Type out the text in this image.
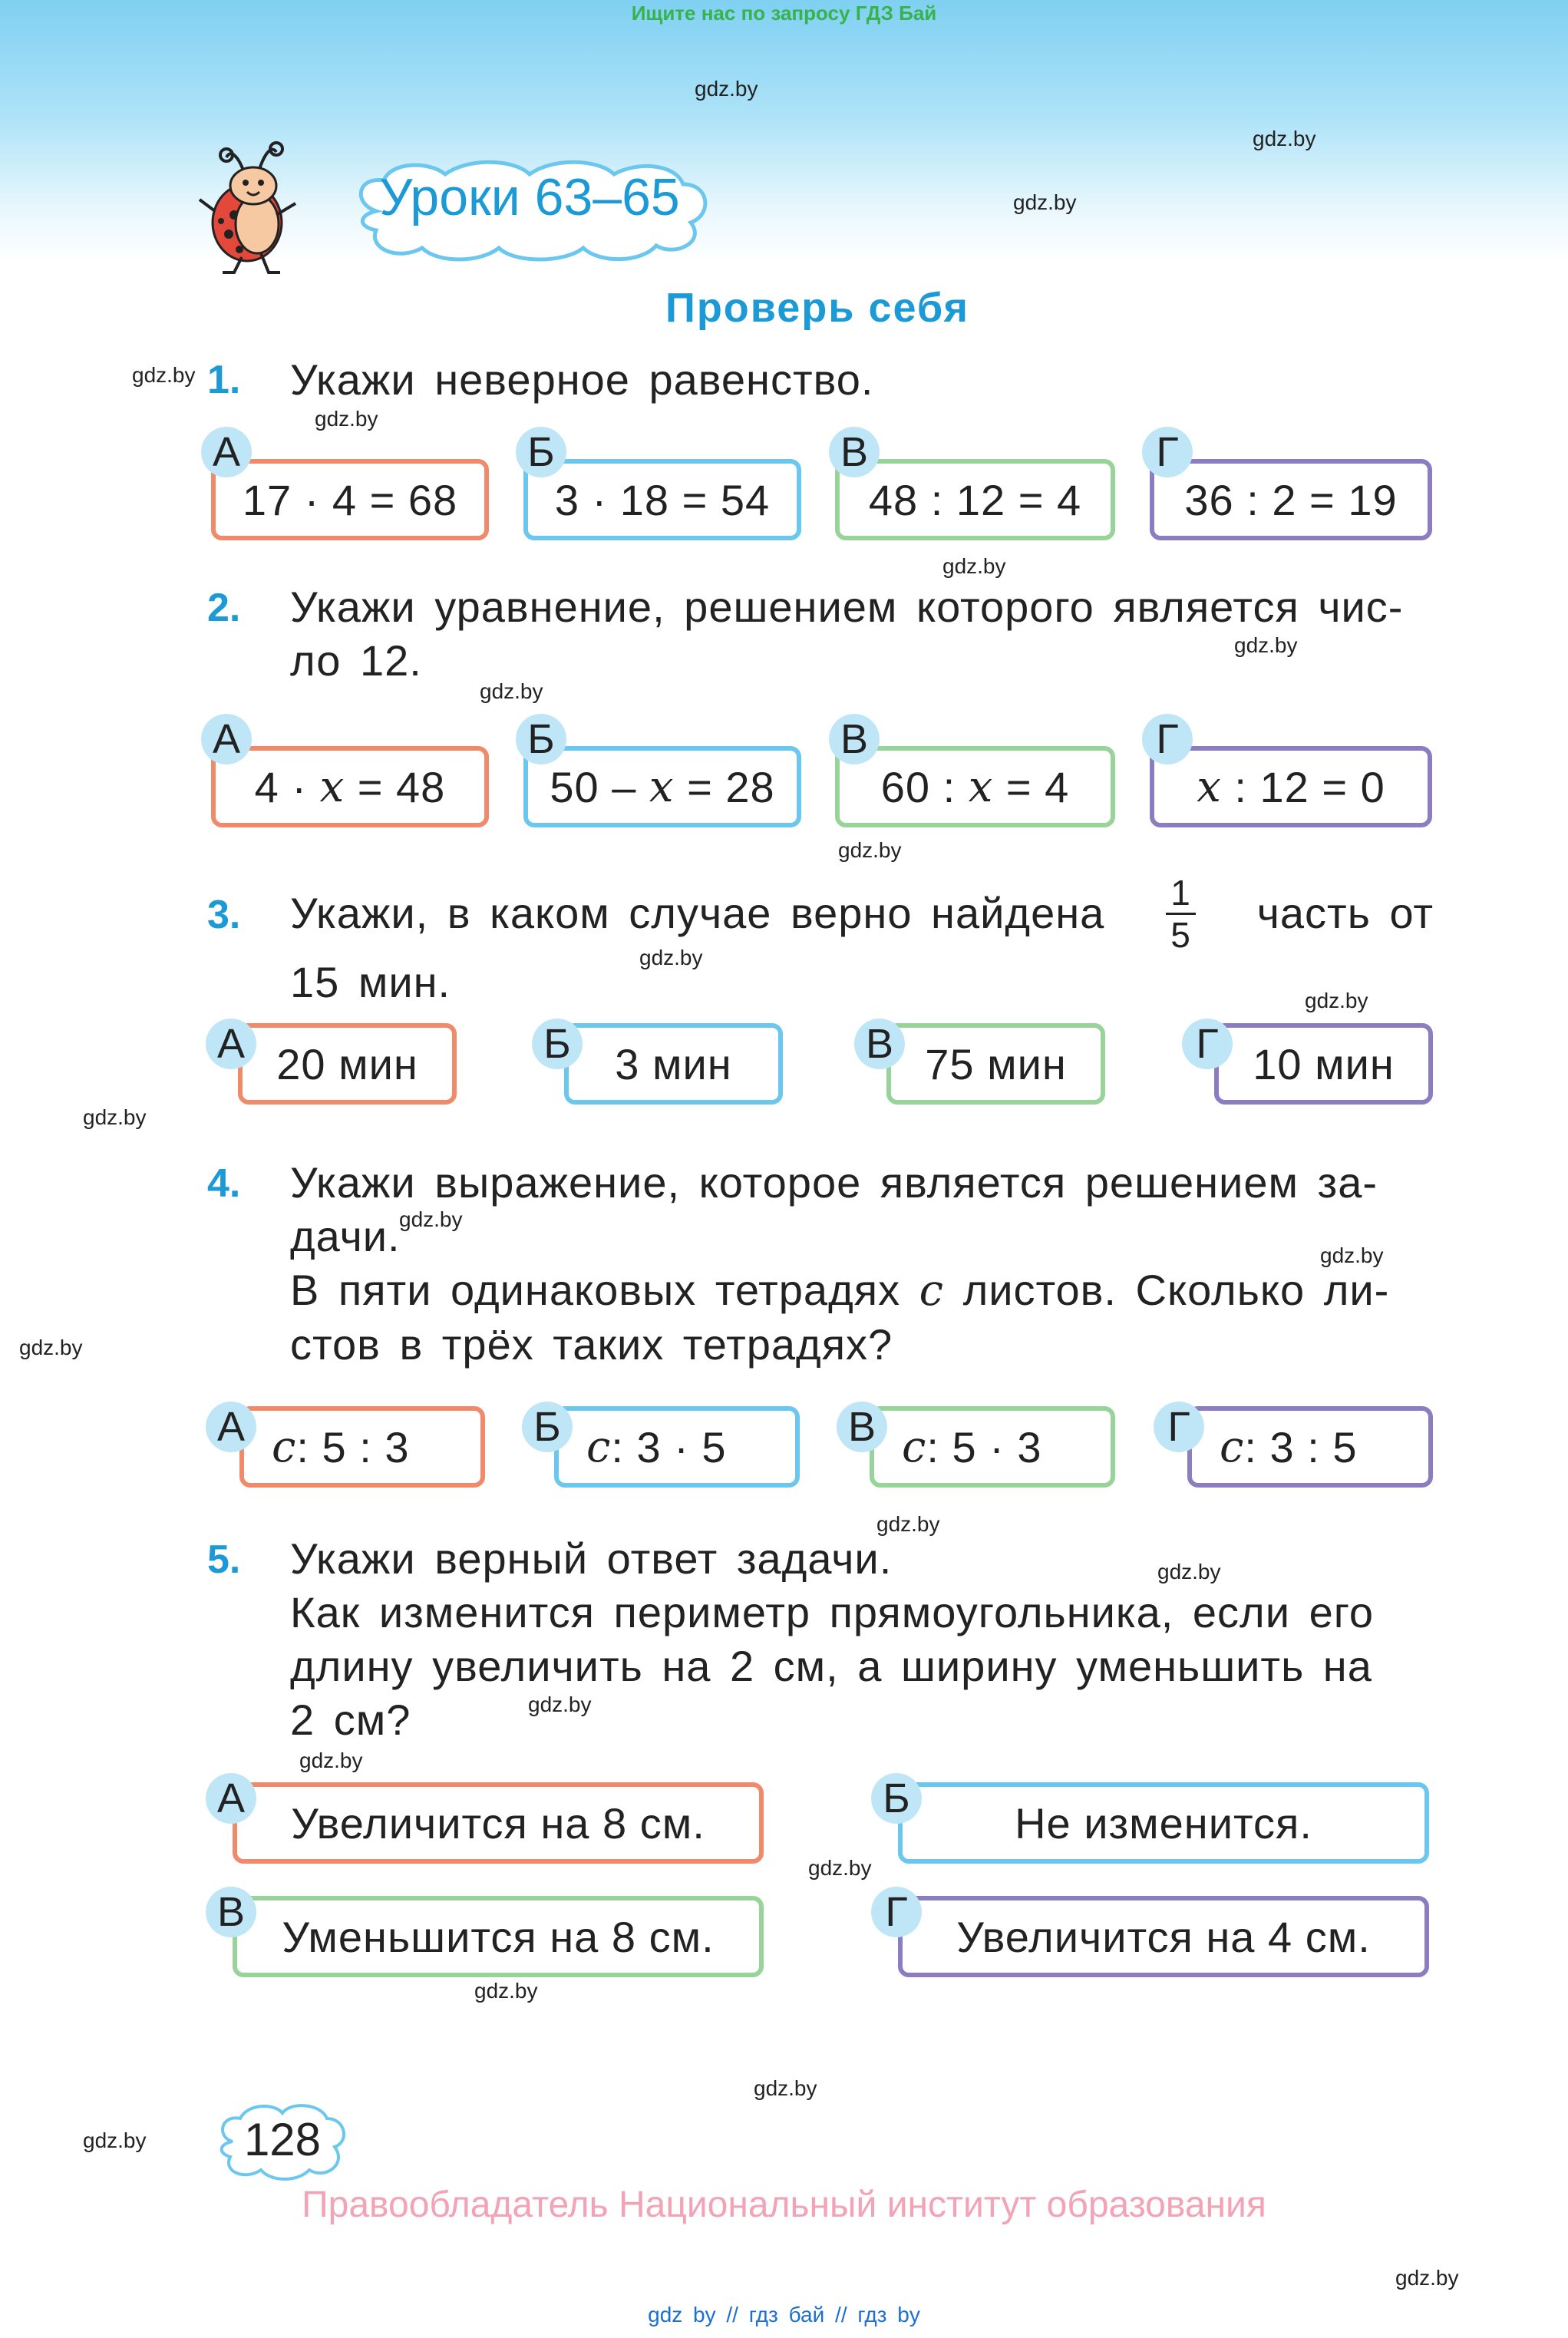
Ищите нас по запросу ГДЗ Бай
gdz.by
gdz.by
gdz.by
gdz.by
gdz.by
gdz.by
gdz.by
gdz.by
gdz.by
gdz.by
gdz.by
gdz.by
gdz.by
gdz.by
gdz.by
gdz.by
gdz.by
gdz.by
gdz.by
gdz.by
gdz.by
gdz.by
gdz.by
gdz.by
Уроки 63–65
Проверь себя
1. Укажи неверное равенство.
17 · 4 = 68
А
3 · 18 = 54
Б
48 : 12 = 4
В
36 : 2 = 19
Г
2. Укажи уравнение, решением которого является чис-
ло 12.
4 ·
x
= 48
А
50 –
x
= 28
Б
60 :
x
= 4
В
x
: 12 = 0
Г
3. Укажи, в каком случае верно найдена $\frac{1}{5}$ часть от
15 мин.
20 мин
А	3 мин
Б	75 мин
В	10 мин
Г
4. Укажи выражение, которое является решением за-
дачи.
В пяти одинаковых тетрадях c листов. Сколько ли-
стов в трёх таких тетрадях?
c : 5 : 3
А	c : 3 · 5
Б	c : 5 · 3
В	c : 3 : 5
Г
5. Укажи верный ответ задачи.
Как изменится периметр прямоугольника, если его
длину увеличить на 2 см, а ширину уменьшить на
2 см?
Увеличится на 8 см.
А
Не изменится.
Б
Уменьшится на 8 см.
В
Увеличится на 4 см.
Г
128
Правообладатель Национальный институт образования
gdz by // гдз бай // гдз by
